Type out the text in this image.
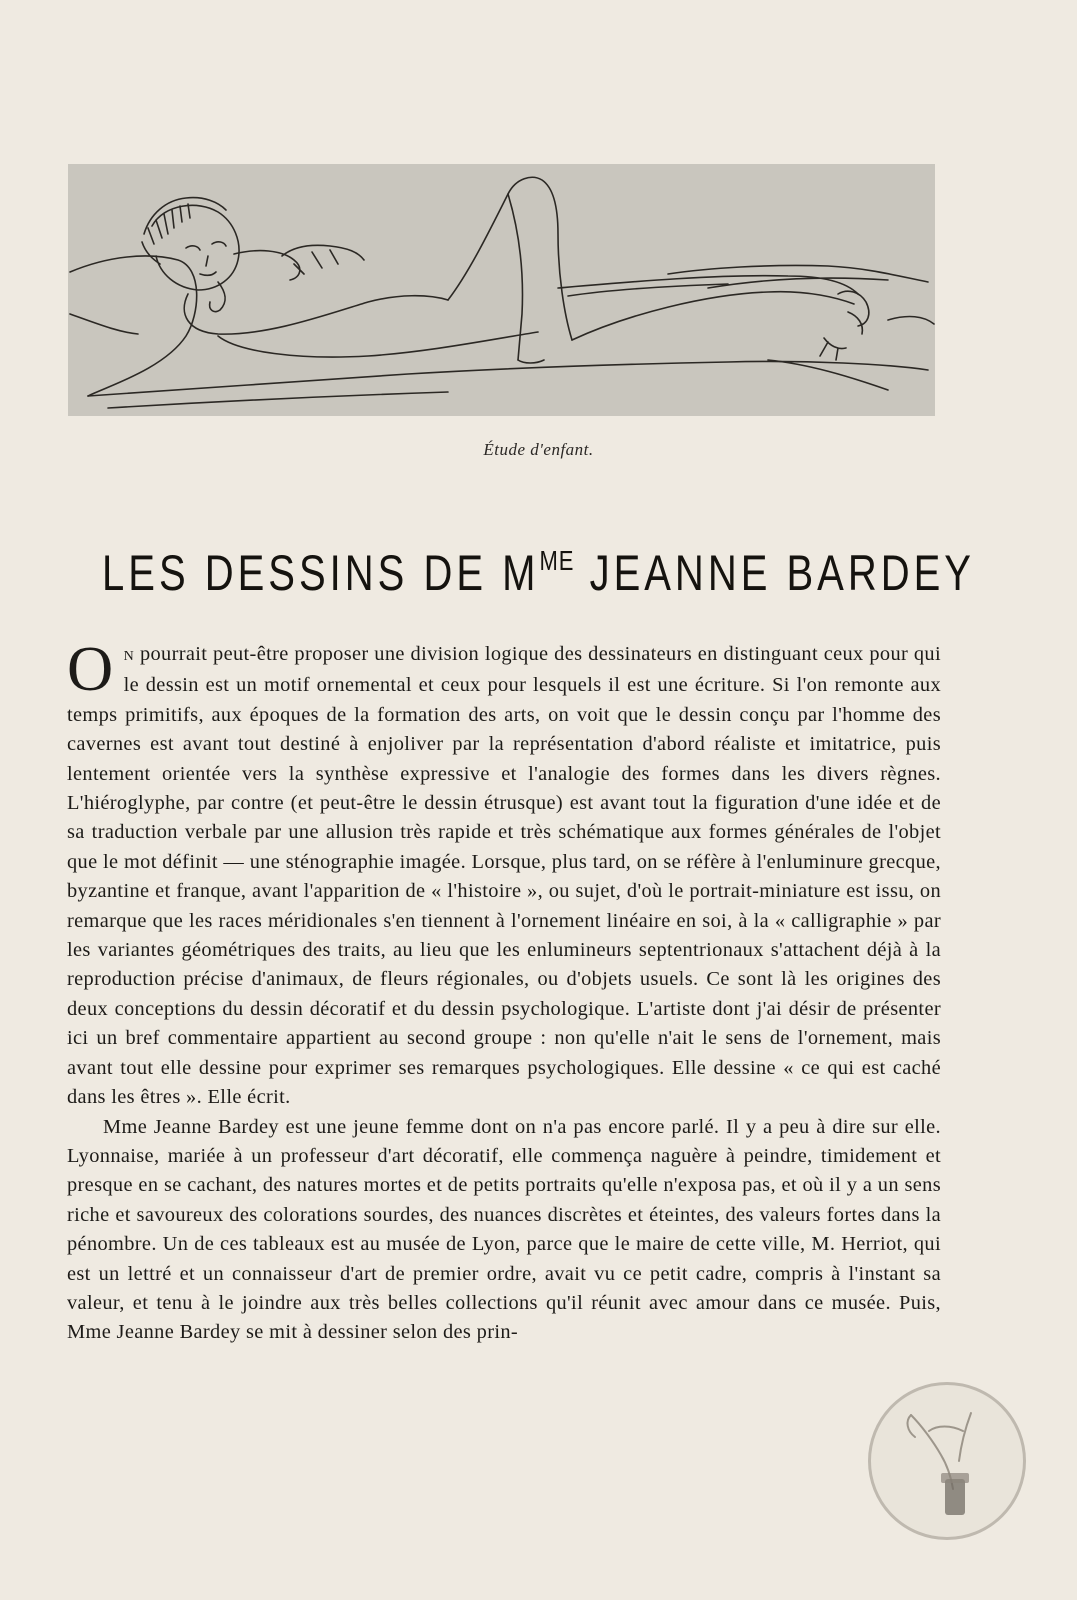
Étude d'enfant.
LES DESSINS DE $M^{ME}$ JEANNE BARDEY

O N pourrait peut-être proposer une division logique des dessinateurs en distinguant ceux pour qui le dessin est un motif ornemental et ceux pour lesquels il est une écriture. Si l'on remonte aux temps primitifs, aux époques de la formation des arts, on voit que le dessin conçu par l'homme des cavernes est avant tout destiné à enjoliver par la représentation d'abord réaliste et imitatrice, puis lentement orientée vers la synthèse expressive et l'analogie des formes dans les divers règnes. L'hiéroglyphe, par contre (et peut-être le dessin étrusque) est avant tout la figuration d'une idée et de sa traduction verbale par une allusion très rapide et très schématique aux formes générales de l'objet que le mot définit — une sténographie imagée. Lorsque, plus tard, on se réfère à l'enluminure grecque, byzantine et franque, avant l'apparition de « l'histoire », ou sujet, d'où le portrait-miniature est issu, on remarque que les races méridionales s'en tiennent à l'ornement linéaire en soi, à la « calligraphie » par les variantes géométriques des traits, au lieu que les enlumineurs septentrionaux s'attachent déjà à la reproduction précise d'animaux, de fleurs régionales, ou d'objets usuels. Ce sont là les origines des deux conceptions du dessin décoratif et du dessin psychologique. L'artiste dont j'ai désir de présenter ici un bref commentaire appartient au second groupe : non qu'elle n'ait le sens de l'ornement, mais avant tout elle dessine pour exprimer ses remarques psychologiques. Elle dessine « ce qui est caché dans les êtres ». Elle écrit.

Mme Jeanne Bardey est une jeune femme dont on n'a pas encore parlé. Il y a peu à dire sur elle. Lyonnaise, mariée à un professeur d'art décoratif, elle commença naguère à peindre, timidement et presque en se cachant, des natures mortes et de petits portraits qu'elle n'exposa pas, et où il y a un sens riche et savoureux des colorations sourdes, des nuances discrètes et éteintes, des valeurs fortes dans la pénombre. Un de ces tableaux est au musée de Lyon, parce que le maire de cette ville, M. Herriot, qui est un lettré et un connaisseur d'art de premier ordre, avait vu ce petit cadre, compris à l'instant sa valeur, et tenu à le joindre aux très belles collections qu'il réunit avec amour dans ce musée. Puis, Mme Jeanne Bardey se mit à dessiner selon des prin-
